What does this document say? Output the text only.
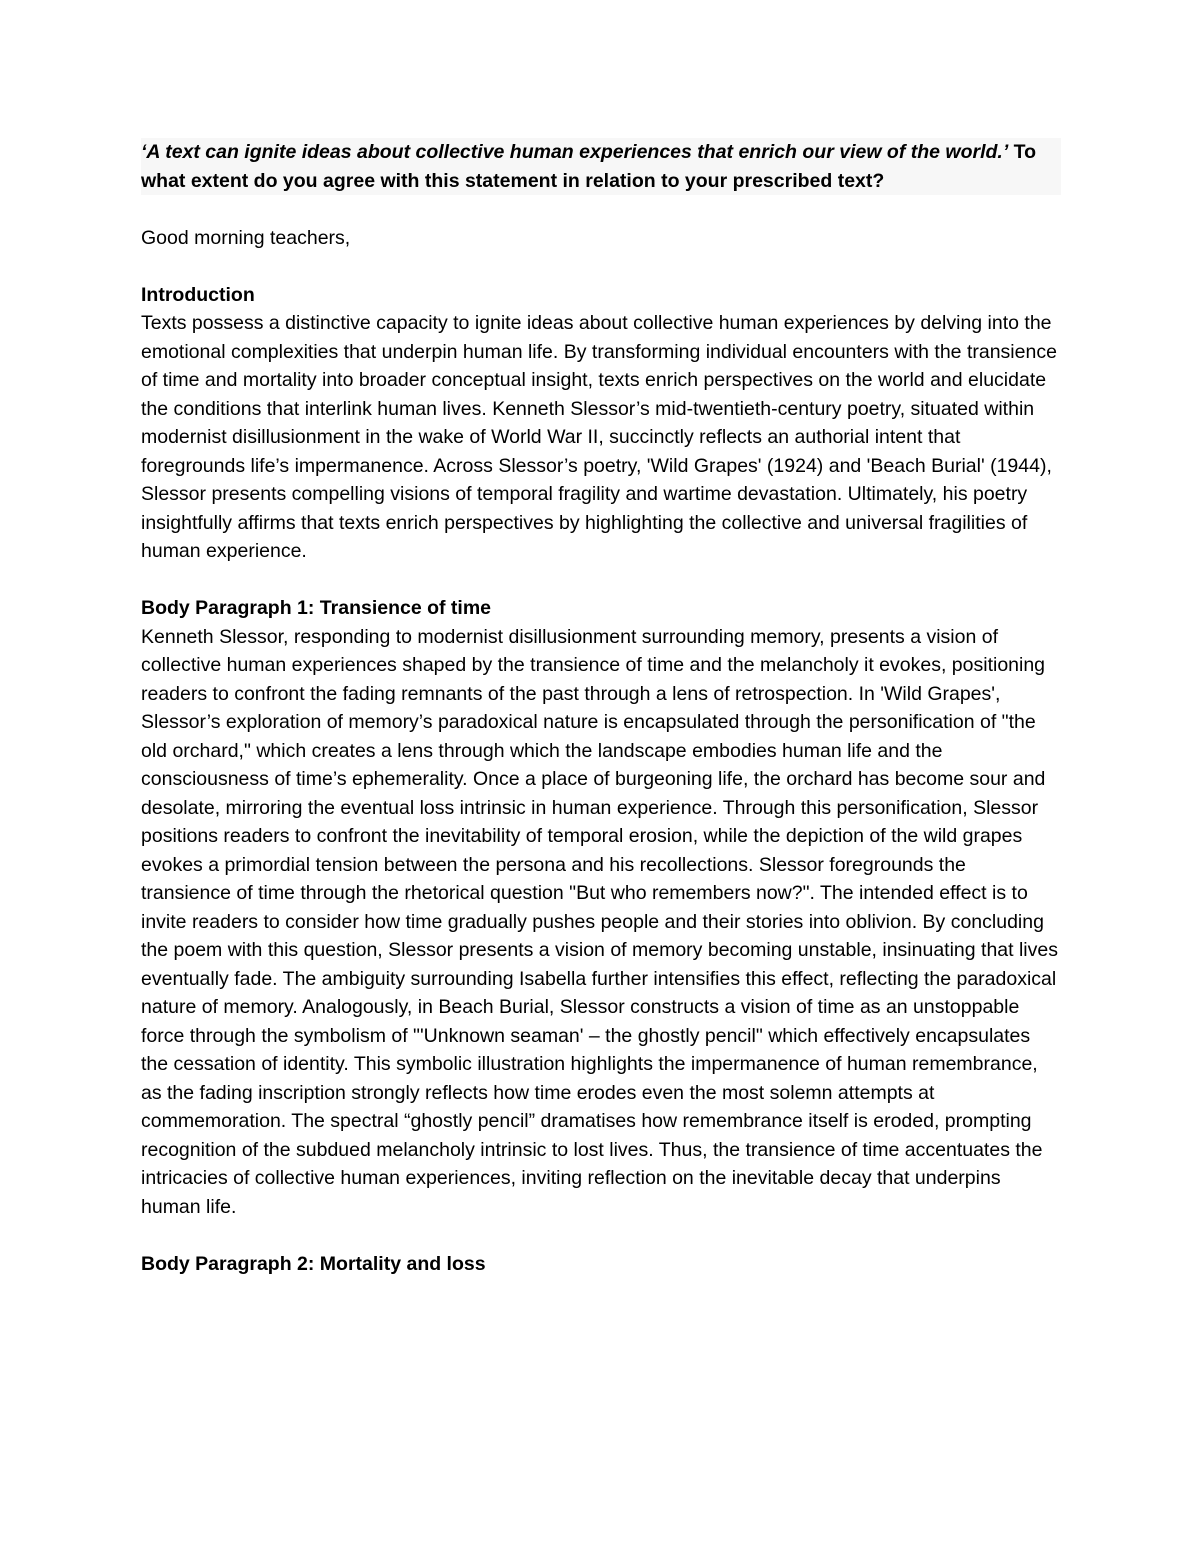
‘A text can ignite ideas about collective human experiences that enrich our view of the world.’ To what extent do you agree with this statement in relation to your prescribed text?

Good morning teachers,

Introduction

Texts possess a distinctive capacity to ignite ideas about collective human experiences by delving into the emotional complexities that underpin human life. By transforming individual encounters with the transience of time and mortality into broader conceptual insight, texts enrich perspectives on the world and elucidate the conditions that interlink human lives. Kenneth Slessor’s mid-twentieth-century poetry, situated within modernist disillusionment in the wake of World War II, succinctly reflects an authorial intent that foregrounds life’s impermanence. Across Slessor’s poetry, 'Wild Grapes' (1924) and 'Beach Burial' (1944), Slessor presents compelling visions of temporal fragility and wartime devastation. Ultimately, his poetry insightfully affirms that texts enrich perspectives by highlighting the collective and universal fragilities of human experience.

Body Paragraph 1: Transience of time

Kenneth Slessor, responding to modernist disillusionment surrounding memory, presents a vision of collective human experiences shaped by the transience of time and the melancholy it evokes, positioning readers to confront the fading remnants of the past through a lens of retrospection. In 'Wild Grapes', Slessor’s exploration of memory’s paradoxical nature is encapsulated through the personification of "the old orchard," which creates a lens through which the landscape embodies human life and the consciousness of time’s ephemerality. Once a place of burgeoning life, the orchard has become sour and desolate, mirroring the eventual loss intrinsic in human experience. Through this personification, Slessor positions readers to confront the inevitability of temporal erosion, while the depiction of the wild grapes evokes a primordial tension between the persona and his recollections. Slessor foregrounds the transience of time through the rhetorical question "But who remembers now?". The intended effect is to invite readers to consider how time gradually pushes people and their stories into oblivion. By concluding the poem with this question, Slessor presents a vision of memory becoming unstable, insinuating that lives eventually fade. The ambiguity surrounding Isabella further intensifies this effect, reflecting the paradoxical nature of memory. Analogously, in Beach Burial, Slessor constructs a vision of time as an unstoppable force through the symbolism of "'Unknown seaman' – the ghostly pencil" which effectively encapsulates the cessation of identity. This symbolic illustration highlights the impermanence of human remembrance, as the fading inscription strongly reflects how time erodes even the most solemn attempts at commemoration. The spectral “ghostly pencil” dramatises how remembrance itself is eroded, prompting recognition of the subdued melancholy intrinsic to lost lives. Thus, the transience of time accentuates the intricacies of collective human experiences, inviting reflection on the inevitable decay that underpins human life.

Body Paragraph 2: Mortality and loss
